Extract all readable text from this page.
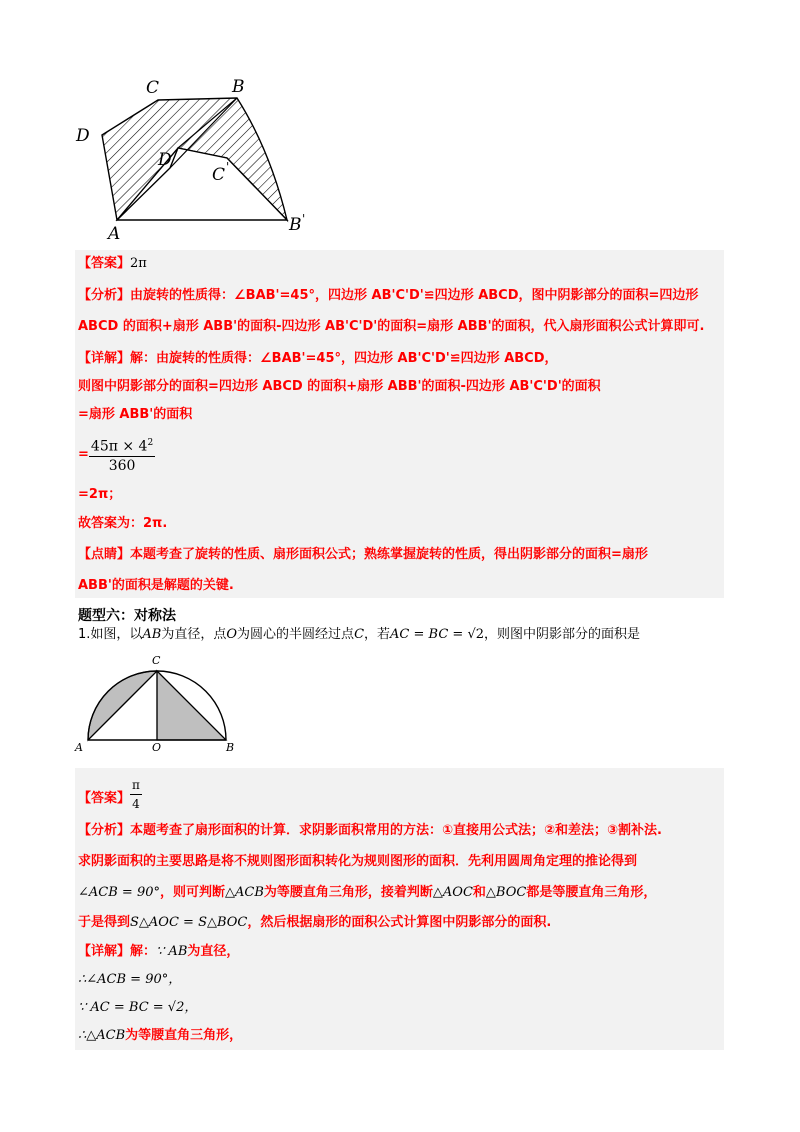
C	B
D
D
C '
A	B '
【答案】2π
【分析】由旋转的性质得：∠BAB'=45°，四边形 AB'C'D'≌四边形 ABCD，图中阴影部分的面积=四边形
ABCD 的面积+扇形 ABB'的面积-四边形 AB'C'D'的面积=扇形 ABB'的面积，代入扇形面积公式计算即可.
【详解】解：由旋转的性质得：∠BAB'=45°，四边形 AB'C'D'≌四边形 ABCD，
则图中阴影部分的面积=四边形 ABCD 的面积+扇形 ABB'的面积-四边形 AB'C'D'的面积
=扇形 ABB'的面积
= $\frac{45\pi \times 4^2}{360}$
=2π；
故答案为：2π.
【点睛】本题考查了旋转的性质、扇形面积公式；熟练掌握旋转的性质，得出阴影部分的面积=扇形
ABB'的面积是解题的关键.
题型六：对称法
1.如图，以AB为直径，点O为圆心的半圆经过点C，若AC = BC = √2，则图中阴影部分的面积是
C
A	O	B
【答案】 $\frac{\pi}{4}$
【分析】本题考查了扇形面积的计算．求阴影面积常用的方法：①直接用公式法；②和差法；③割补法.
求阴影面积的主要思路是将不规则图形面积转化为规则图形的面积．先利用圆周角定理的推论得到
∠ACB = 90°，则可判断△ACB为等腰直角三角形，接着判断△AOC和△BOC都是等腰直角三角形，
于是得到S△AOC = S△BOC，然后根据扇形的面积公式计算图中阴影部分的面积.
【详解】解：∵ AB为直径，
∴∠ACB = 90°，
∵ AC = BC = √2，
∴△ACB为等腰直角三角形，
